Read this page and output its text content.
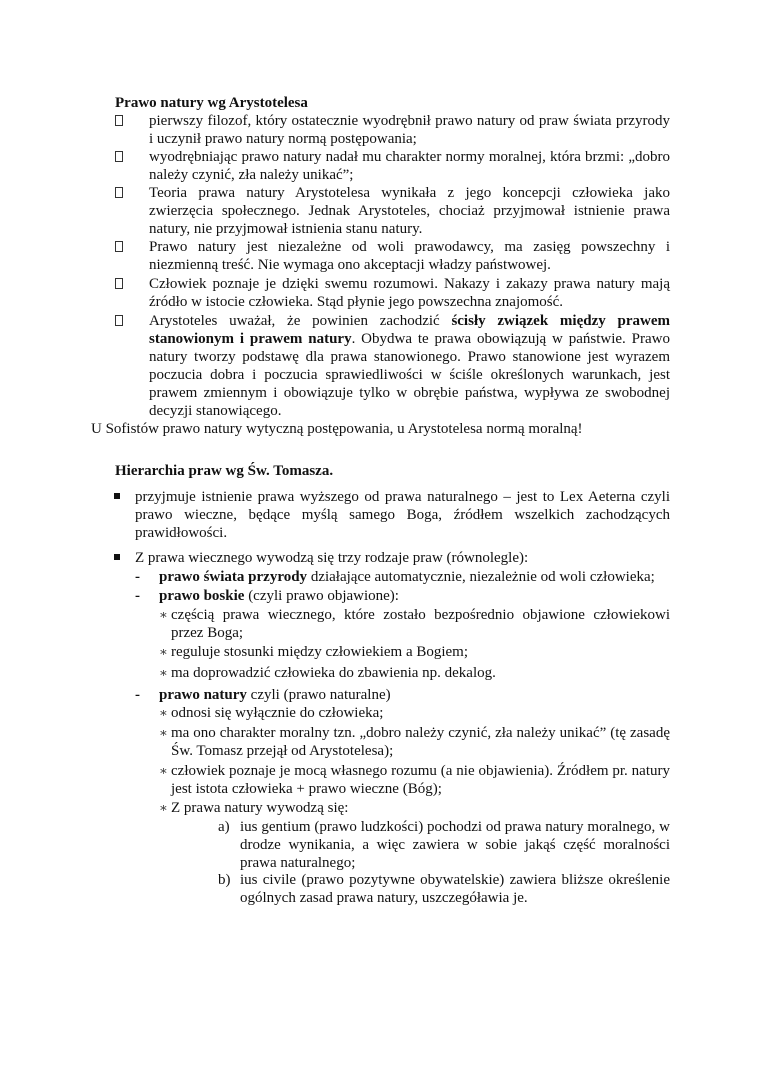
Prawo natury wg Arystotelesa
pierwszy filozof, który ostatecznie wyodrębnił prawo natury od praw świata przyrody i uczynił prawo natury normą postępowania;
wyodrębniając prawo natury nadał mu charakter normy moralnej, która brzmi: „dobro należy czynić, zła należy unikać”;
Teoria prawa natury Arystotelesa wynikała z jego koncepcji człowieka jako zwierzęcia społecznego. Jednak Arystoteles, chociaż przyjmował istnienie prawa natury, nie przyjmował istnienia stanu natury.
Prawo natury jest niezależne od woli prawodawcy, ma zasięg powszechny i niezmienną treść. Nie wymaga ono akceptacji władzy państwowej.
Człowiek poznaje je dzięki swemu rozumowi. Nakazy i zakazy prawa natury mają źródło w istocie człowieka. Stąd płynie jego powszechna znajomość.
Arystoteles uważał, że powinien zachodzić ścisły związek między prawem stanowionym i prawem natury. Obydwa te prawa obowiązują w państwie. Prawo natury tworzy podstawę dla prawa stanowionego. Prawo stanowione jest wyrazem poczucia dobra i poczucia sprawiedliwości w ściśle określonych warunkach, jest prawem zmiennym i obowiązuje tylko w obrębie państwa, wypływa ze swobodnej decyzji stanowiącego.
U Sofistów prawo natury wytyczną postępowania, u Arystotelesa normą moralną!
Hierarchia praw wg Św. Tomasza.
przyjmuje istnienie prawa wyższego od prawa naturalnego – jest to Lex Aeterna czyli prawo wieczne, będące myślą samego Boga, źródłem wszelkich zachodzących prawidłowości.
Z prawa wiecznego wywodzą się trzy rodzaje praw (równolegle):
- prawo świata przyrody działające automatycznie, niezależnie od woli człowieka;
- prawo boskie (czyli prawo objawione):
∗ częścią prawa wiecznego, które zostało bezpośrednio objawione człowiekowi przez Boga;
∗ reguluje stosunki między człowiekiem a Bogiem;
∗ ma doprowadzić człowieka do zbawienia np. dekalog.
- prawo natury czyli (prawo naturalne)
∗ odnosi się wyłącznie do człowieka;
∗ ma ono charakter moralny tzn. „dobro należy czynić, zła należy unikać” (tę zasadę Św. Tomasz przejął od Arystotelesa);
∗ człowiek poznaje je mocą własnego rozumu (a nie objawienia). Źródłem pr. natury jest istota człowieka + prawo wieczne (Bóg);
∗ Z prawa natury wywodzą się:
a) ius gentium (prawo ludzkości) pochodzi od prawa natury moralnego, w drodze wynikania, a więc zawiera w sobie jakąś część moralności prawa naturalnego;
b) ius civile (prawo pozytywne obywatelskie) zawiera bliższe określenie ogólnych zasad prawa natury, uszczegóławia je.
